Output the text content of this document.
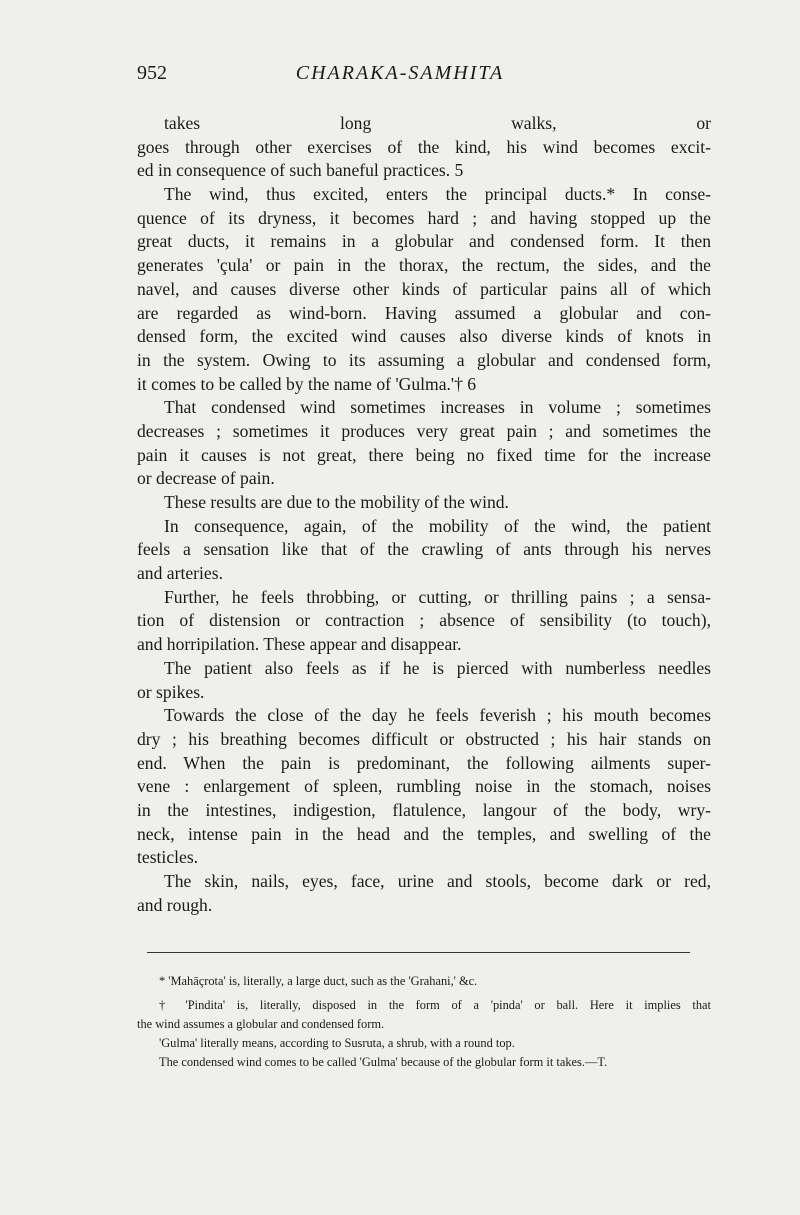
952	CHARAKA-SAMHITA
takes long walks, or
goes through other exercises of the kind, his wind becomes excit-
ed in consequence of such baneful practices. 5
The wind, thus excited, enters the principal ducts.* In conse-
quence of its dryness, it becomes hard ; and having stopped up the
great ducts, it remains in a globular and condensed form. It then
generates 'çula' or pain in the thorax, the rectum, the sides, and the
navel, and causes diverse other kinds of particular pains all of which
are regarded as wind-born. Having assumed a globular and con-
densed form, the excited wind causes also diverse kinds of knots in
in the system. Owing to its assuming a globular and condensed form,
it comes to be called by the name of 'Gulma.'† 6
That condensed wind sometimes increases in volume ; sometimes
decreases ; sometimes it produces very great pain ; and sometimes the
pain it causes is not great, there being no fixed time for the increase
or decrease of pain.
These results are due to the mobility of the wind.
In consequence, again, of the mobility of the wind, the patient
feels a sensation like that of the crawling of ants through his nerves
and arteries.
Further, he feels throbbing, or cutting, or thrilling pains ; a sensa-
tion of distension or contraction ; absence of sensibility (to touch),
and horripilation. These appear and disappear.
The patient also feels as if he is pierced with numberless needles
or spikes.
Towards the close of the day he feels feverish ; his mouth becomes
dry ; his breathing becomes difficult or obstructed ; his hair stands on
end. When the pain is predominant, the following ailments super-
vene : enlargement of spleen, rumbling noise in the stomach, noises
in the intestines, indigestion, flatulence, langour of the body, wry-
neck, intense pain in the head and the temples, and swelling of the
testicles.
The skin, nails, eyes, face, urine and stools, become dark or red,
and rough.
* 'Mahāçrota' is, literally, a large duct, such as the 'Grahani,' &c.
† 'Pindita' is, literally, disposed in the form of a 'pinda' or ball. Here it implies that
the wind assumes a globular and condensed form.
'Gulma' literally means, according to Susruta, a shrub, with a round top.
The condensed wind comes to be called 'Gulma' because of the globular form it takes.—T.
